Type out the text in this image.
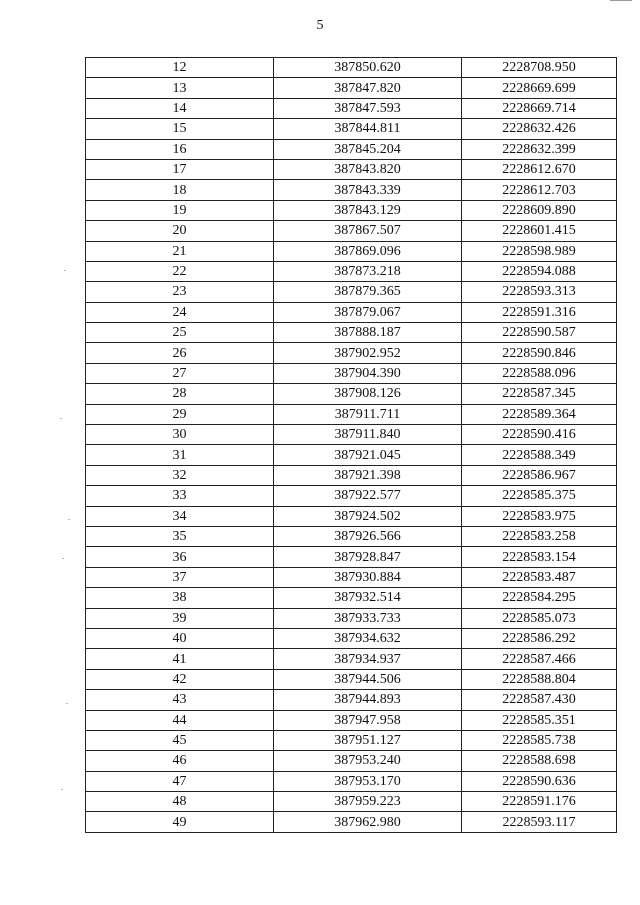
5
12	387850.620	2228708.950
13	387847.820	2228669.699
14	387847.593	2228669.714
15	387844.811	2228632.426
16	387845.204	2228632.399
17	387843.820	2228612.670
18	387843.339	2228612.703
19	387843.129	2228609.890
20	387867.507	2228601.415
21	387869.096	2228598.989
22	387873.218	2228594.088
23	387879.365	2228593.313
24	387879.067	2228591.316
25	387888.187	2228590.587
26	387902.952	2228590.846
27	387904.390	2228588.096
28	387908.126	2228587.345
29	387911.711	2228589.364
30	387911.840	2228590.416
31	387921.045	2228588.349
32	387921.398	2228586.967
33	387922.577	2228585.375
34	387924.502	2228583.975
35	387926.566	2228583.258
36	387928.847	2228583.154
37	387930.884	2228583.487
38	387932.514	2228584.295
39	387933.733	2228585.073
40	387934.632	2228586.292
41	387934.937	2228587.466
42	387944.506	2228588.804
43	387944.893	2228587.430
44	387947.958	2228585.351
45	387951.127	2228585.738
46	387953.240	2228588.698
47	387953.170	2228590.636
48	387959.223	2228591.176
49	387962.980	2228593.117
